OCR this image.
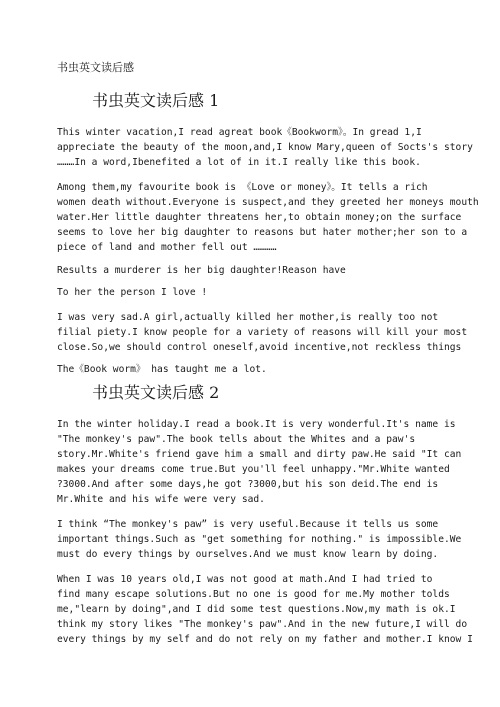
书虫英文读后感
书虫英文读后感 1
This winter vacation,I read agreat book《Bookworm》。In gread 1,I
appreciate the beauty of the moon,and,I know Mary,queen of Socts's story
………In a word,Ibenefited a lot of in it.I really like this book.
Among them,my favourite book is 《Love or money》。It tells a rich
women death without.Everyone is suspect,and they greeted her moneys mouth
water.Her little daughter threatens her,to obtain money;on the surface
seems to love her big daughter to reasons but hater mother;her son to a
piece of land and mother fell out …………
Results a murderer is her big daughter!Reason have
To her the person I love !
I was very sad.A girl,actually killed her mother,is really too not
filial piety.I know people for a variety of reasons will kill your most
close.So,we should control oneself,avoid incentive,not reckless things
The《Book worm》 has taught me a lot.
书虫英文读后感 2
In the winter holiday.I read a book.It is very wonderful.It's name is
"The monkey's paw".The book tells about the Whites and a paw's
story.Mr.White's friend gave him a small and dirty paw.He said "It can
makes your dreams come true.But you'll feel unhappy."Mr.White wanted
?3000.And after some days,he got ?3000,but his son deid.The end is
Mr.White and his wife were very sad.
I think “The monkey's paw” is very useful.Because it tells us some
important things.Such as "get something for nothing." is impossible.We
must do every things by ourselves.And we must know learn by doing.
When I was 10 years old,I was not good at math.And I had tried to
find many escape solutions.But no one is good for me.My mother tolds
me,"learn by doing",and I did some test questions.Now,my math is ok.I
think my story likes "The monkey's paw".And in the new future,I will do
every things by my self and do not rely on my father and mother.I know I
